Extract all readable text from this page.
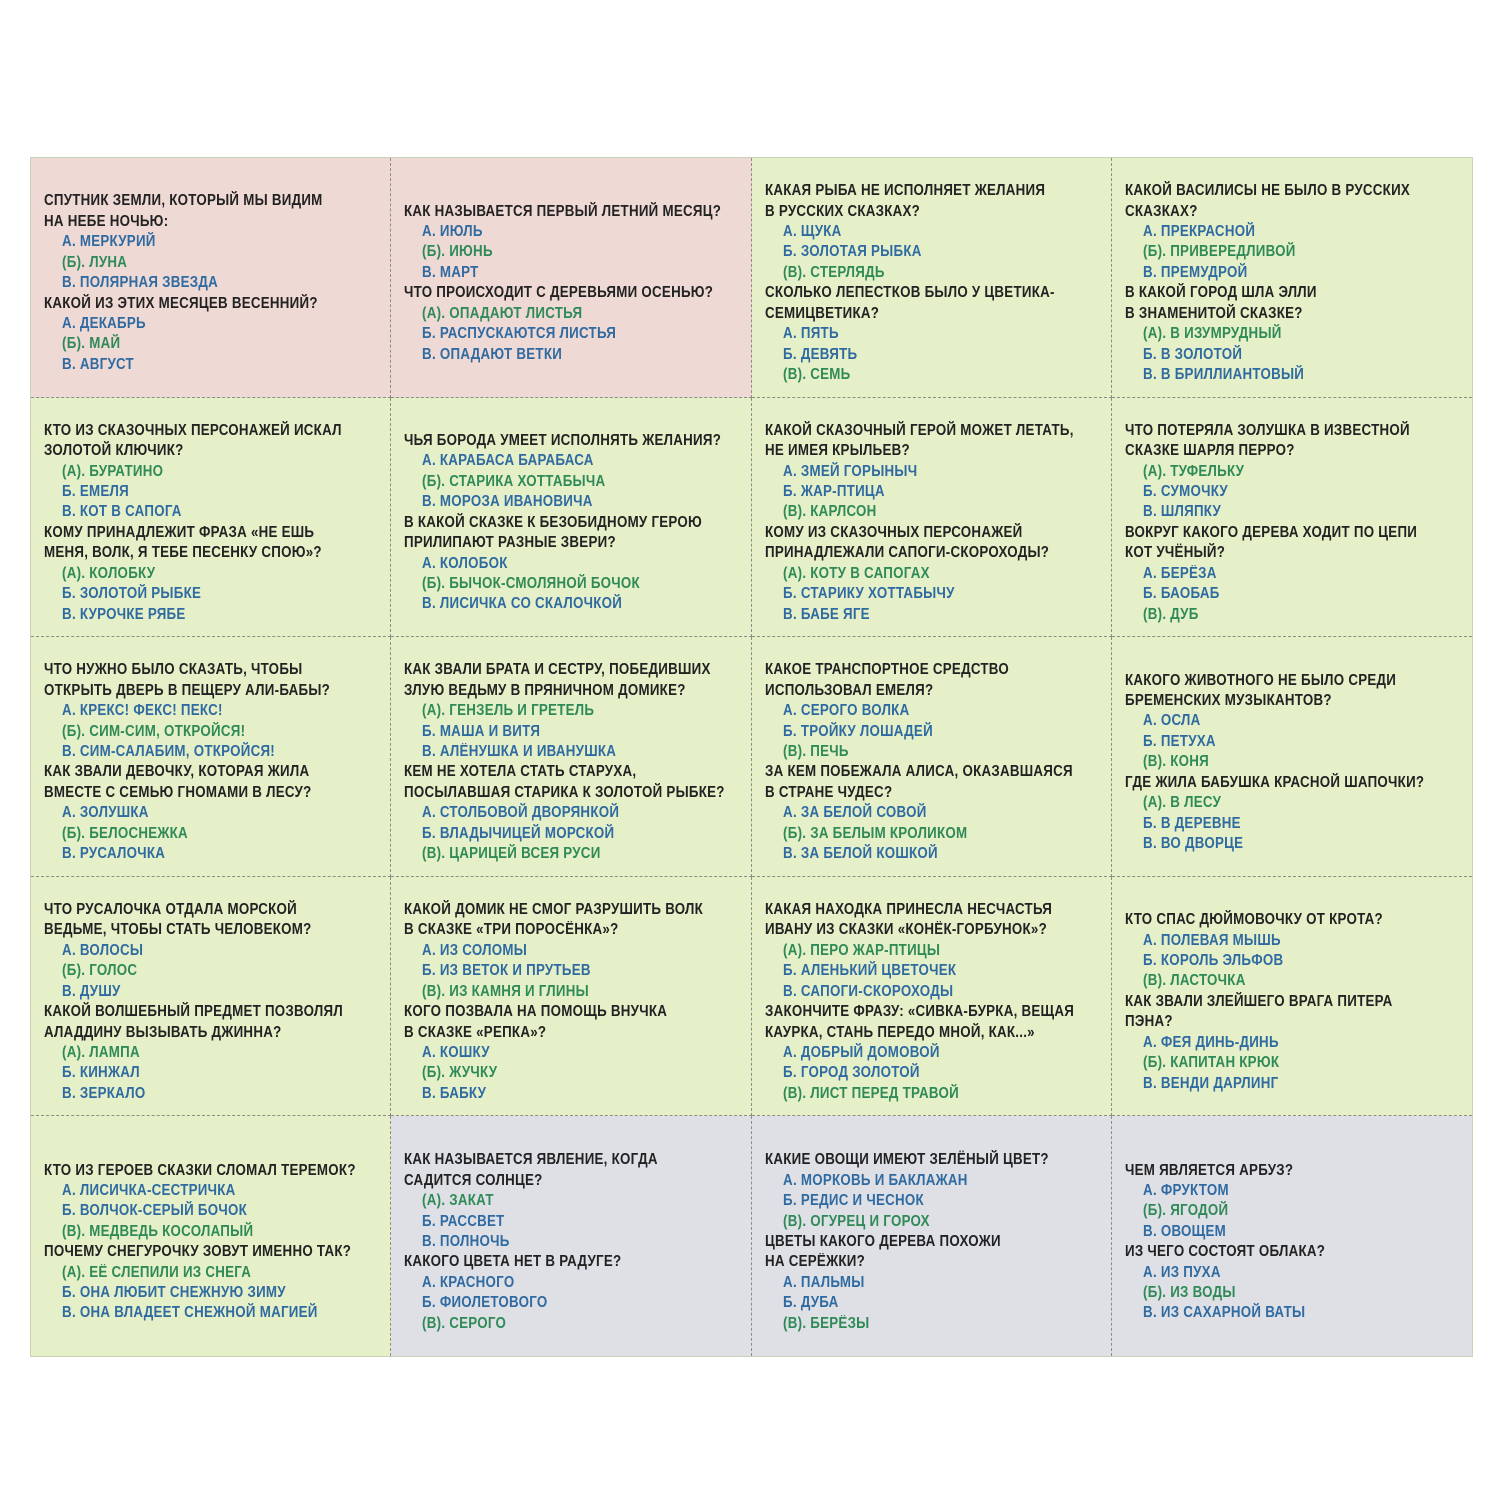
СПУТНИК ЗЕМЛИ, КОТОРЫЙ МЫ ВИДИМ
НА НЕБЕ НОЧЬЮ:
А. МЕРКУРИЙ
(Б). ЛУНА
В. ПОЛЯРНАЯ ЗВЕЗДА
КАКОЙ ИЗ ЭТИХ МЕСЯЦЕВ ВЕСЕННИЙ?
А. ДЕКАБРЬ
(Б). МАЙ
В. АВГУСТ
КАК НАЗЫВАЕТСЯ ПЕРВЫЙ ЛЕТНИЙ МЕСЯЦ?
А. ИЮЛЬ
(Б). ИЮНЬ
В. МАРТ
ЧТО ПРОИСХОДИТ С ДЕРЕВЬЯМИ ОСЕНЬЮ?
(А). ОПАДАЮТ ЛИСТЬЯ
Б. РАСПУСКАЮТСЯ ЛИСТЬЯ
В. ОПАДАЮТ ВЕТКИ
КАКАЯ РЫБА НЕ ИСПОЛНЯЕТ ЖЕЛАНИЯ
В РУССКИХ СКАЗКАХ?
А. ЩУКА
Б. ЗОЛОТАЯ РЫБКА
(В). СТЕРЛЯДЬ
СКОЛЬКО ЛЕПЕСТКОВ БЫЛО У ЦВЕТИКА-
СЕМИЦВЕТИКА?
А. ПЯТЬ
Б. ДЕВЯТЬ
(В). СЕМЬ
КАКОЙ ВАСИЛИСЫ НЕ БЫЛО В РУССКИХ
СКАЗКАХ?
А. ПРЕКРАСНОЙ
(Б). ПРИВЕРЕДЛИВОЙ
В. ПРЕМУДРОЙ
В КАКОЙ ГОРОД ШЛА ЭЛЛИ
В ЗНАМЕНИТОЙ СКАЗКЕ?
(А). В ИЗУМРУДНЫЙ
Б. В ЗОЛОТОЙ
В. В БРИЛЛИАНТОВЫЙ
КТО ИЗ СКАЗОЧНЫХ ПЕРСОНАЖЕЙ ИСКАЛ
ЗОЛОТОЙ КЛЮЧИК?
(А). БУРАТИНО
Б. ЕМЕЛЯ
В. КОТ В САПОГА
КОМУ ПРИНАДЛЕЖИТ ФРАЗА «НЕ ЕШЬ
МЕНЯ, ВОЛК, Я ТЕБЕ ПЕСЕНКУ СПОЮ»?
(А). КОЛОБКУ
Б. ЗОЛОТОЙ РЫБКЕ
В. КУРОЧКЕ РЯБЕ
ЧЬЯ БОРОДА УМЕЕТ ИСПОЛНЯТЬ ЖЕЛАНИЯ?
А. КАРАБАСА БАРАБАСА
(Б). СТАРИКА ХОТТАБЫЧА
В. МОРОЗА ИВАНОВИЧА
В КАКОЙ СКАЗКЕ К БЕЗОБИДНОМУ ГЕРОЮ
ПРИЛИПАЮТ РАЗНЫЕ ЗВЕРИ?
А. КОЛОБОК
(Б). БЫЧОК-СМОЛЯНОЙ БОЧОК
В. ЛИСИЧКА СО СКАЛОЧКОЙ
КАКОЙ СКАЗОЧНЫЙ ГЕРОЙ МОЖЕТ ЛЕТАТЬ,
НЕ ИМЕЯ КРЫЛЬЕВ?
А. ЗМЕЙ ГОРЫНЫЧ
Б. ЖАР-ПТИЦА
(В). КАРЛСОН
КОМУ ИЗ СКАЗОЧНЫХ ПЕРСОНАЖЕЙ
ПРИНАДЛЕЖАЛИ САПОГИ-СКОРОХОДЫ?
(А). КОТУ В САПОГАХ
Б. СТАРИКУ ХОТТАБЫЧУ
В. БАБЕ ЯГЕ
ЧТО ПОТЕРЯЛА ЗОЛУШКА В ИЗВЕСТНОЙ
СКАЗКЕ ШАРЛЯ ПЕРРО?
(А). ТУФЕЛЬКУ
Б. СУМОЧКУ
В. ШЛЯПКУ
ВОКРУГ КАКОГО ДЕРЕВА ХОДИТ ПО ЦЕПИ
КОТ УЧЁНЫЙ?
А. БЕРЁЗА
Б. БАОБАБ
(В). ДУБ
ЧТО НУЖНО БЫЛО СКАЗАТЬ, ЧТОБЫ
ОТКРЫТЬ ДВЕРЬ В ПЕЩЕРУ АЛИ-БАБЫ?
А. КРЕКС! ФЕКС! ПЕКС!
(Б). СИМ-СИМ, ОТКРОЙСЯ!
В. СИМ-САЛАБИМ, ОТКРОЙСЯ!
КАК ЗВАЛИ ДЕВОЧКУ, КОТОРАЯ ЖИЛА
ВМЕСТЕ С СЕМЬЮ ГНОМАМИ В ЛЕСУ?
А. ЗОЛУШКА
(Б). БЕЛОСНЕЖКА
В. РУСАЛОЧКА
КАК ЗВАЛИ БРАТА И СЕСТРУ, ПОБЕДИВШИХ
ЗЛУЮ ВЕДЬМУ В ПРЯНИЧНОМ ДОМИКЕ?
(А). ГЕНЗЕЛЬ И ГРЕТЕЛЬ
Б. МАША И ВИТЯ
В. АЛЁНУШКА И ИВАНУШКА
КЕМ НЕ ХОТЕЛА СТАТЬ СТАРУХА,
ПОСЫЛАВШАЯ СТАРИКА К ЗОЛОТОЙ РЫБКЕ?
А. СТОЛБОВОЙ ДВОРЯНКОЙ
Б. ВЛАДЫЧИЦЕЙ МОРСКОЙ
(В). ЦАРИЦЕЙ ВСЕЯ РУСИ
КАКОЕ ТРАНСПОРТНОЕ СРЕДСТВО
ИСПОЛЬЗОВАЛ ЕМЕЛЯ?
А. СЕРОГО ВОЛКА
Б. ТРОЙКУ ЛОШАДЕЙ
(В). ПЕЧЬ
ЗА КЕМ ПОБЕЖАЛА АЛИСА, ОКАЗАВШАЯСЯ
В СТРАНЕ ЧУДЕС?
А. ЗА БЕЛОЙ СОВОЙ
(Б). ЗА БЕЛЫМ КРОЛИКОМ
В. ЗА БЕЛОЙ КОШКОЙ
КАКОГО ЖИВОТНОГО НЕ БЫЛО СРЕДИ
БРЕМЕНСКИХ МУЗЫКАНТОВ?
А. ОСЛА
Б. ПЕТУХА
(В). КОНЯ
ГДЕ ЖИЛА БАБУШКА КРАСНОЙ ШАПОЧКИ?
(А). В ЛЕСУ
Б. В ДЕРЕВНЕ
В. ВО ДВОРЦЕ
ЧТО РУСАЛОЧКА ОТДАЛА МОРСКОЙ
ВЕДЬМЕ, ЧТОБЫ СТАТЬ ЧЕЛОВЕКОМ?
А. ВОЛОСЫ
(Б). ГОЛОС
В. ДУШУ
КАКОЙ ВОЛШЕБНЫЙ ПРЕДМЕТ ПОЗВОЛЯЛ
АЛАДДИНУ ВЫЗЫВАТЬ ДЖИННА?
(А). ЛАМПА
Б. КИНЖАЛ
В. ЗЕРКАЛО
КАКОЙ ДОМИК НЕ СМОГ РАЗРУШИТЬ ВОЛК
В СКАЗКЕ «ТРИ ПОРОСЁНКА»?
А. ИЗ СОЛОМЫ
Б. ИЗ ВЕТОК И ПРУТЬЕВ
(В). ИЗ КАМНЯ И ГЛИНЫ
КОГО ПОЗВАЛА НА ПОМОЩЬ ВНУЧКА
В СКАЗКЕ «РЕПКА»?
А. КОШКУ
(Б). ЖУЧКУ
В. БАБКУ
КАКАЯ НАХОДКА ПРИНЕСЛА НЕСЧАСТЬЯ
ИВАНУ ИЗ СКАЗКИ «КОНЁК-ГОРБУНОК»?
(А). ПЕРО ЖАР-ПТИЦЫ
Б. АЛЕНЬКИЙ ЦВЕТОЧЕК
В. САПОГИ-СКОРОХОДЫ
ЗАКОНЧИТЕ ФРАЗУ: «СИВКА-БУРКА, ВЕЩАЯ
КАУРКА, СТАНЬ ПЕРЕДО МНОЙ, КАК...»
А. ДОБРЫЙ ДОМОВОЙ
Б. ГОРОД ЗОЛОТОЙ
(В). ЛИСТ ПЕРЕД ТРАВОЙ
КТО СПАС ДЮЙМОВОЧКУ ОТ КРОТА?
А. ПОЛЕВАЯ МЫШЬ
Б. КОРОЛЬ ЭЛЬФОВ
(В). ЛАСТОЧКА
КАК ЗВАЛИ ЗЛЕЙШЕГО ВРАГА ПИТЕРА
ПЭНА?
А. ФЕЯ ДИНЬ-ДИНЬ
(Б). КАПИТАН КРЮК
В. ВЕНДИ ДАРЛИНГ
КТО ИЗ ГЕРОЕВ СКАЗКИ СЛОМАЛ ТЕРЕМОК?
А. ЛИСИЧКА-СЕСТРИЧКА
Б. ВОЛЧОК-СЕРЫЙ БОЧОК
(В). МЕДВЕДЬ КОСОЛАПЫЙ
ПОЧЕМУ СНЕГУРОЧКУ ЗОВУТ ИМЕННО ТАК?
(А). ЕЁ СЛЕПИЛИ ИЗ СНЕГА
Б. ОНА ЛЮБИТ СНЕЖНУЮ ЗИМУ
В. ОНА ВЛАДЕЕТ СНЕЖНОЙ МАГИЕЙ
КАК НАЗЫВАЕТСЯ ЯВЛЕНИЕ, КОГДА
САДИТСЯ СОЛНЦЕ?
(А). ЗАКАТ
Б. РАССВЕТ
В. ПОЛНОЧЬ
КАКОГО ЦВЕТА НЕТ В РАДУГЕ?
А. КРАСНОГО
Б. ФИОЛЕТОВОГО
(В). СЕРОГО
КАКИЕ ОВОЩИ ИМЕЮТ ЗЕЛЁНЫЙ ЦВЕТ?
А. МОРКОВЬ И БАКЛАЖАН
Б. РЕДИС И ЧЕСНОК
(В). ОГУРЕЦ И ГОРОХ
ЦВЕТЫ КАКОГО ДЕРЕВА ПОХОЖИ
НА СЕРЁЖКИ?
А. ПАЛЬМЫ
Б. ДУБА
(В). БЕРЁЗЫ
ЧЕМ ЯВЛЯЕТСЯ АРБУЗ?
А. ФРУКТОМ
(Б). ЯГОДОЙ
В. ОВОЩЕМ
ИЗ ЧЕГО СОСТОЯТ ОБЛАКА?
А. ИЗ ПУХА
(Б). ИЗ ВОДЫ
В. ИЗ САХАРНОЙ ВАТЫ
